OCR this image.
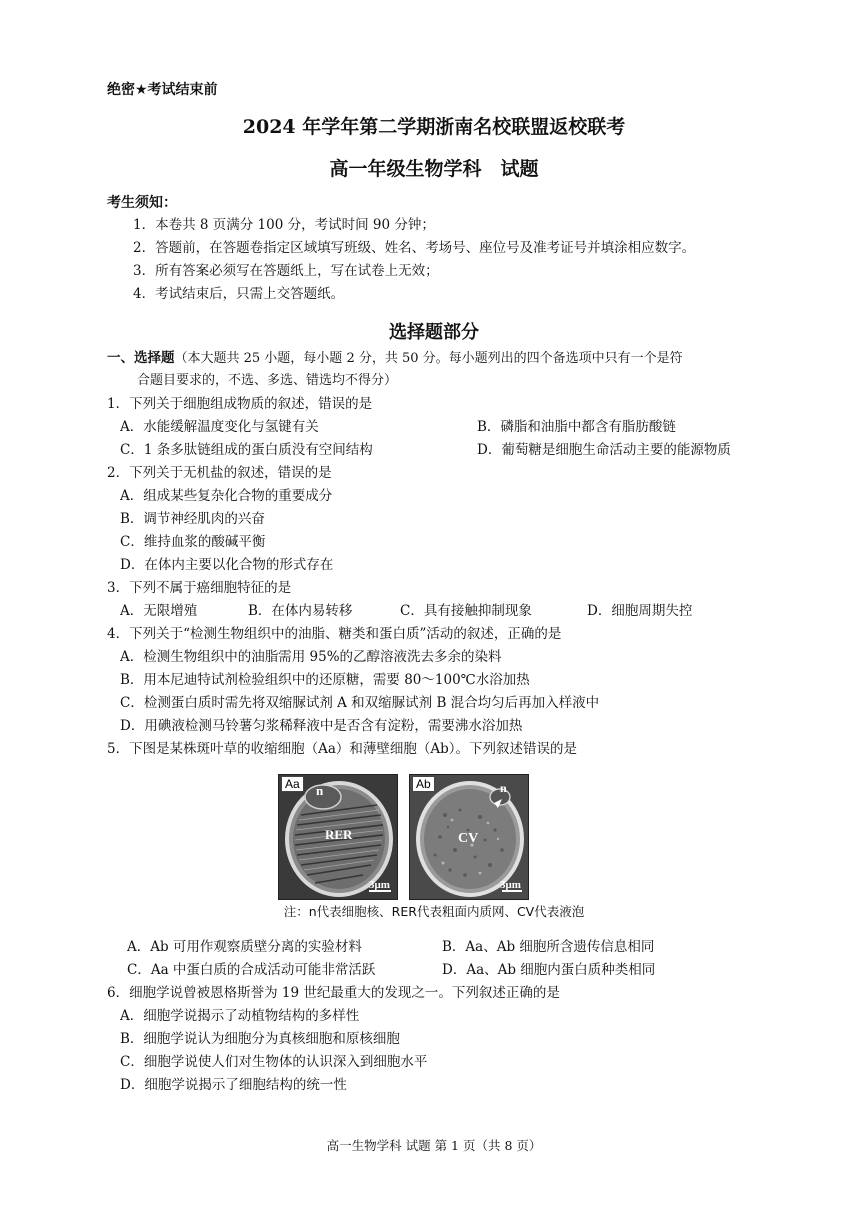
绝密★考试结束前
2024 年学年第二学期浙南名校联盟返校联考
高一年级生物学科　试题
考生须知：
1．本卷共 8 页满分 100 分，考试时间 90 分钟；
2．答题前，在答题卷指定区域填写班级、姓名、考场号、座位号及准考证号并填涂相应数字。
3．所有答案必须写在答题纸上，写在试卷上无效；
4．考试结束后，只需上交答题纸。
选择题部分
一、选择题（本大题共 25 小题，每小题 2 分，共 50 分。每小题列出的四个备选项中只有一个是符
合题目要求的，不选、多选、错选均不得分）
1．下列关于细胞组成物质的叙述，错误的是
A．水能缓解温度变化与氢键有关	B．磷脂和油脂中都含有脂肪酸链
C．1 条多肽链组成的蛋白质没有空间结构	D．葡萄糖是细胞生命活动主要的能源物质
2．下列关于无机盐的叙述，错误的是
A．组成某些复杂化合物的重要成分
B．调节神经肌肉的兴奋
C．维持血浆的酸碱平衡
D．在体内主要以化合物的形式存在
3．下列不属于癌细胞特征的是
A．无限增殖	B．在体内易转移	C．具有接触抑制现象	D．细胞周期失控
4．下列关于“检测生物组织中的油脂、糖类和蛋白质”活动的叙述，正确的是
A．检测生物组织中的油脂需用 95%的乙醇溶液洗去多余的染料
B．用本尼迪特试剂检验组织中的还原糖，需要 80～100℃水浴加热
C．检测蛋白质时需先将双缩脲试剂 A 和双缩脲试剂 B 混合均匀后再加入样液中
D．用碘液检测马铃薯匀浆稀释液中是否含有淀粉，需要沸水浴加热
5．下图是某株斑叶草的收缩细胞（Aa）和薄壁细胞（Ab）。下列叙述错误的是
Aa	n
RER
3μm
Ab	n
CV
3μm
注：n代表细胞核、RER代表粗面内质网、CV代表液泡
A．Ab 可用作观察质壁分离的实验材料	B．Aa、Ab 细胞所含遗传信息相同
C．Aa 中蛋白质的合成活动可能非常活跃	D．Aa、Ab 细胞内蛋白质种类相同
6．细胞学说曾被恩格斯誉为 19 世纪最重大的发现之一。下列叙述正确的是
A．细胞学说揭示了动植物结构的多样性
B．细胞学说认为细胞分为真核细胞和原核细胞
C．细胞学说使人们对生物体的认识深入到细胞水平
D．细胞学说揭示了细胞结构的统一性
高一生物学科 试题 第 1 页（共 8 页）
